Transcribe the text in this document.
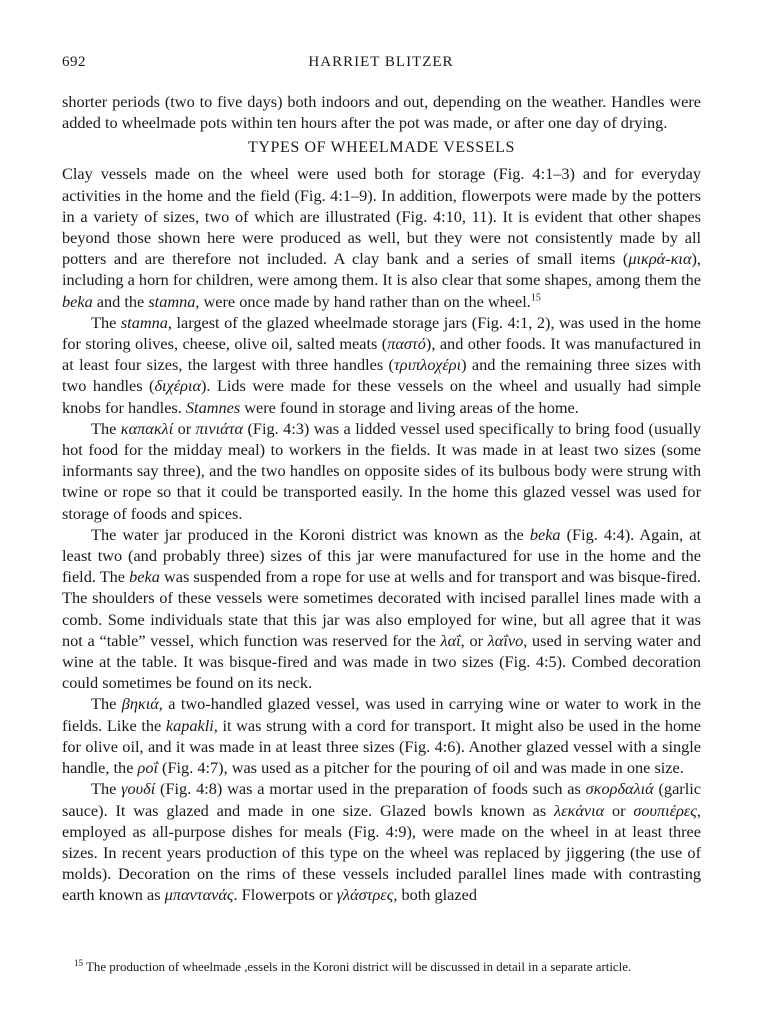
692	HARRIET BLITZER

shorter periods (two to five days) both indoors and out, depending on the weather. Handles were added to wheelmade pots within ten hours after the pot was made, or after one day of drying.

TYPES OF WHEELMADE VESSELS

Clay vessels made on the wheel were used both for storage (Fig. 4:1–3) and for everyday activities in the home and the field (Fig. 4:1–9). In addition, flowerpots were made by the potters in a variety of sizes, two of which are illustrated (Fig. 4:10, 11). It is evident that other shapes beyond those shown here were produced as well, but they were not consistently made by all potters and are therefore not included. A clay bank and a series of small items (μικρά-κια), including a horn for children, were among them. It is also clear that some shapes, among them the beka and the stamna, were once made by hand rather than on the wheel.$^{15}$

The stamna, largest of the glazed wheelmade storage jars (Fig. 4:1, 2), was used in the home for storing olives, cheese, olive oil, salted meats (παστό), and other foods. It was manufactured in at least four sizes, the largest with three handles (τριπλοχέρι) and the remaining three sizes with two handles (διχέρια). Lids were made for these vessels on the wheel and usually had simple knobs for handles. Stamnes were found in storage and living areas of the home.

The καπακλί or πινιάτα (Fig. 4:3) was a lidded vessel used specifically to bring food (usually hot food for the midday meal) to workers in the fields. It was made in at least two sizes (some informants say three), and the two handles on opposite sides of its bulbous body were strung with twine or rope so that it could be transported easily. In the home this glazed vessel was used for storage of foods and spices.

The water jar produced in the Koroni district was known as the beka (Fig. 4:4). Again, at least two (and probably three) sizes of this jar were manufactured for use in the home and the field. The beka was suspended from a rope for use at wells and for transport and was bisque-fired. The shoulders of these vessels were sometimes decorated with incised parallel lines made with a comb. Some individuals state that this jar was also employed for wine, but all agree that it was not a “table” vessel, which function was reserved for the λαΐ, or λαΐνο, used in serving water and wine at the table. It was bisque-fired and was made in two sizes (Fig. 4:5). Combed decoration could sometimes be found on its neck.

The βηκιά, a two-handled glazed vessel, was used in carrying wine or water to work in the fields. Like the kapakli, it was strung with a cord for transport. It might also be used in the home for olive oil, and it was made in at least three sizes (Fig. 4:6). Another glazed vessel with a single handle, the ροΐ (Fig. 4:7), was used as a pitcher for the pouring of oil and was made in one size.

The γουδί (Fig. 4:8) was a mortar used in the preparation of foods such as σκορδαλιά (garlic sauce). It was glazed and made in one size. Glazed bowls known as λεκάνια or σουπιέρες, employed as all-purpose dishes for meals (Fig. 4:9), were made on the wheel in at least three sizes. In recent years production of this type on the wheel was replaced by jiggering (the use of molds). Decoration on the rims of these vessels included parallel lines made with contrasting earth known as μπαντανάς. Flowerpots or γλάστρες, both glazed

$^{15}$ The production of wheelmade ,essels in the Koroni district will be discussed in detail in a separate article.
